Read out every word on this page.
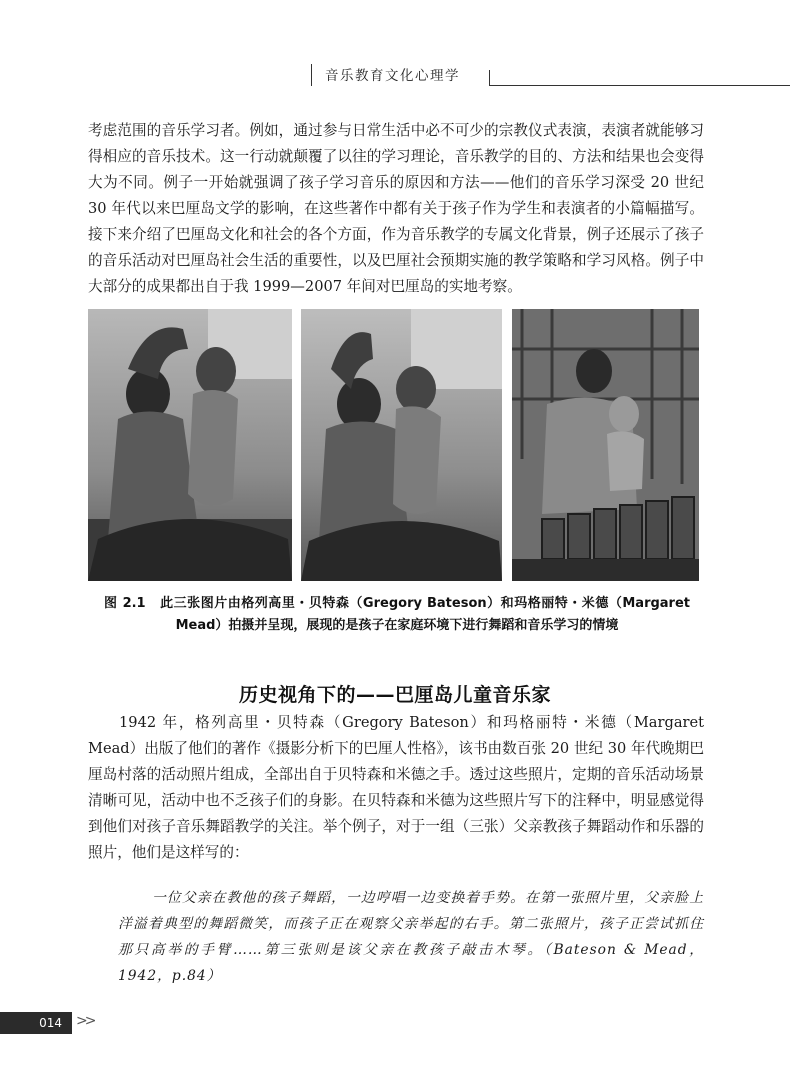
音乐教育文化心理学

考虑范围的音乐学习者。例如，通过参与日常生活中必不可少的宗教仪式表演，表演者就能够习得相应的音乐技术。这一行动就颠覆了以往的学习理论，音乐教学的目的、方法和结果也会变得大为不同。例子一开始就强调了孩子学习音乐的原因和方法——他们的音乐学习深受 20 世纪 30 年代以来巴厘岛文学的影响，在这些著作中都有关于孩子作为学生和表演者的小篇幅描写。接下来介绍了巴厘岛文化和社会的各个方面，作为音乐教学的专属文化背景，例子还展示了孩子的音乐活动对巴厘岛社会生活的重要性，以及巴厘社会预期实施的教学策略和学习风格。例子中大部分的成果都出自于我 1999—2007 年间对巴厘岛的实地考察。

图 2.1 此三张图片由格列高里・贝特森（Gregory Bateson）和玛格丽特・米德（Margaret Mead）拍摄并呈现，展现的是孩子在家庭环境下进行舞蹈和音乐学习的情境
历史视角下的——巴厘岛儿童音乐家

1942 年，格列高里・贝特森（Gregory Bateson）和玛格丽特・米德（Margaret Mead）出版了他们的著作《摄影分析下的巴厘人性格》，该书由数百张 20 世纪 30 年代晚期巴厘岛村落的活动照片组成，全部出自于贝特森和米德之手。透过这些照片，定期的音乐活动场景清晰可见，活动中也不乏孩子们的身影。在贝特森和米德为这些照片写下的注释中，明显感觉得到他们对孩子音乐舞蹈教学的关注。举个例子，对于一组（三张）父亲教孩子舞蹈动作和乐器的照片，他们是这样写的：

一位父亲在教他的孩子舞蹈，一边哼唱一边变换着手势。在第一张照片里，父亲脸上洋溢着典型的舞蹈微笑，而孩子正在观察父亲举起的右手。第二张照片，孩子正尝试抓住那只高举的手臂……第三张则是该父亲在教孩子敲击木琴。（Bateson & Mead，1942，p.84）

014	>>
